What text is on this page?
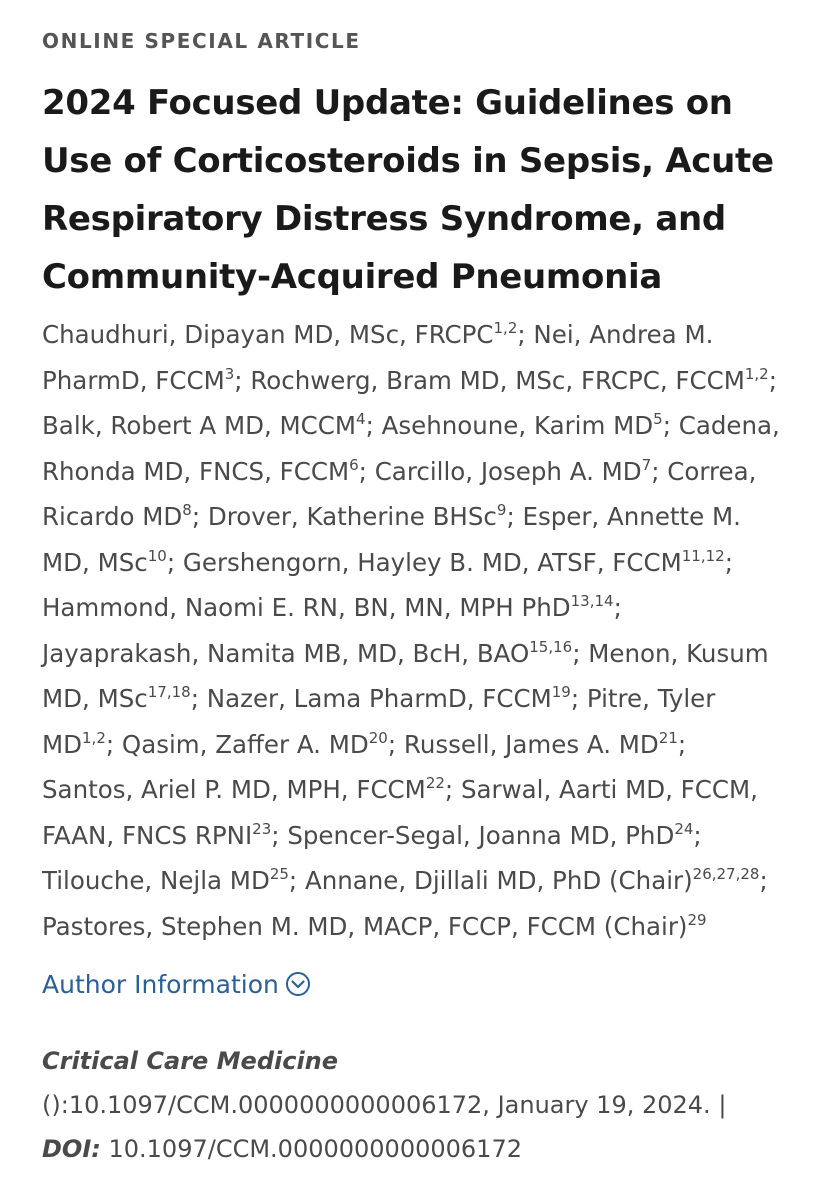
ONLINE SPECIAL ARTICLE
2024 Focused Update: Guidelines on Use of Corticosteroids in Sepsis, Acute Respiratory Distress Syndrome, and Community-Acquired Pneumonia

Chaudhuri, Dipayan MD, MSc, FRCPC$^{1,2}$; Nei, Andrea M. PharmD, FCCM$^3$; Rochwerg, Bram MD, MSc, FRCPC, FCCM$^{1,2}$; Balk, Robert A MD, MCCM$^4$; Asehnoune, Karim $MD^5$; Cadena, Rhonda MD, FNCS, FCCM$^6$; Carcillo, Joseph A. $MD^7$; Correa, Ricardo $MD^8$; Drover, Katherine BHSc$^9$; Esper, Annette M. MD, MSc$^{10}$; Gershengorn, Hayley B. MD, ATSF, FCCM$^{11,12}$; Hammond, Naomi E. RN, BN, MN, MPH PhD$^{13,14}$; Jayaprakash, Namita MB, MD, BcH, BAO$^{15,16}$; Menon, Kusum MD, MSc$^{17,18}$; Nazer, Lama PharmD, FCCM$^{19}$; Pitre, Tyler MD$^{1,2}$; Qasim, Zaffer A. MD$^{20}$; Russell, James A. MD$^{21}$; Santos, Ariel P. MD, MPH, FCCM$^{22}$; Sarwal, Aarti MD, FCCM, FAAN, FNCS RPNI$^{23}$; Spencer-Segal, Joanna MD, PhD$^{24}$; Tilouche, Nejla MD$^{25}$; Annane, Djillali MD, PhD (Chair)$^{26,27,28}$; Pastores, Stephen M. MD, MACP, FCCP, FCCM (Chair)$^{29}$

Author Information
Critical Care Medicine ():10.1097/CCM.0000000000006172, January 19, 2024. | DOI: 10.1097/CCM.0000000000006172
